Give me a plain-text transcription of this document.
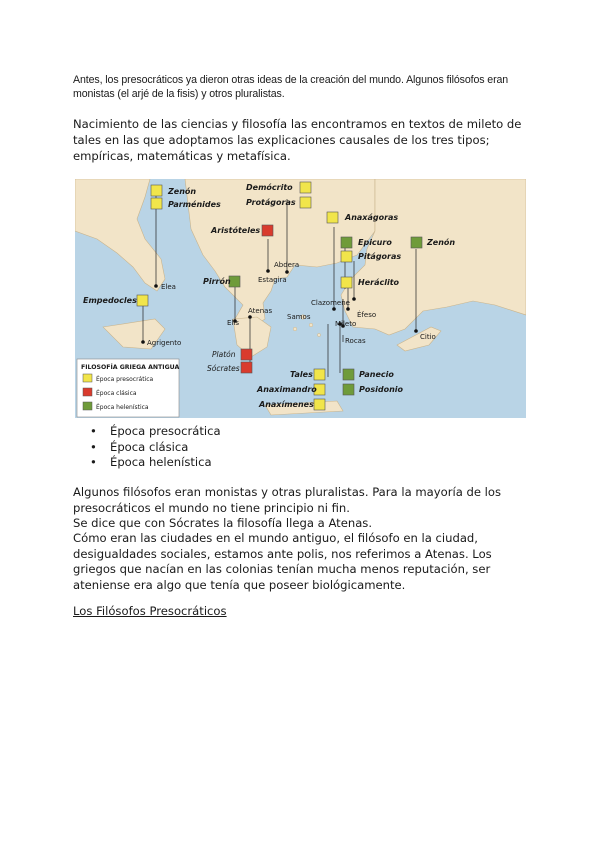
Antes, los presocráticos ya dieron otras ideas de la creación del mundo. Algunos filósofos eran monistas (el arjé de la fisis) y otros pluralistas.
Nacimiento de las ciencias y filosofía las encontramos en textos de mileto de tales en las que adoptamos las explicaciones causales de los tres tipos; empíricas, matemáticas y metafísica.
Zenón
Parménides
Empedocles
Demócrito
Protágoras
Aristóteles
Pirrón
Anaxágoras
Epicuro
Pitágoras
Heráclito
Zenón
Tales
Anaximandro
Anaxímenes
Panecio
Posidonio
Platón
Sócrates
Elea
Agrigento
Abdera
Estagira
Elis
Atenas
Clazomene
Samos	Éfeso
Mileto
Rocas	Citio
FILOSOFÍA GRIEGA ANTIGUA
Época presocrática
Época clásica
Época helenística
• Época presocrática
• Época clásica
• Época helenística

Algunos filósofos eran monistas y otras pluralistas. Para la mayoría de los presocráticos el mundo no tiene principio ni fin.

Se dice que con Sócrates la filosofía llega a Atenas.

Cómo eran las ciudades en el mundo antiguo, el filósofo en la ciudad, desigualdades sociales, estamos ante polis, nos referimos a Atenas. Los griegos que nacían en las colonias tenían mucha menos reputación, ser ateniense era algo que tenía que poseer biológicamente.

Los Filósofos Presocráticos
